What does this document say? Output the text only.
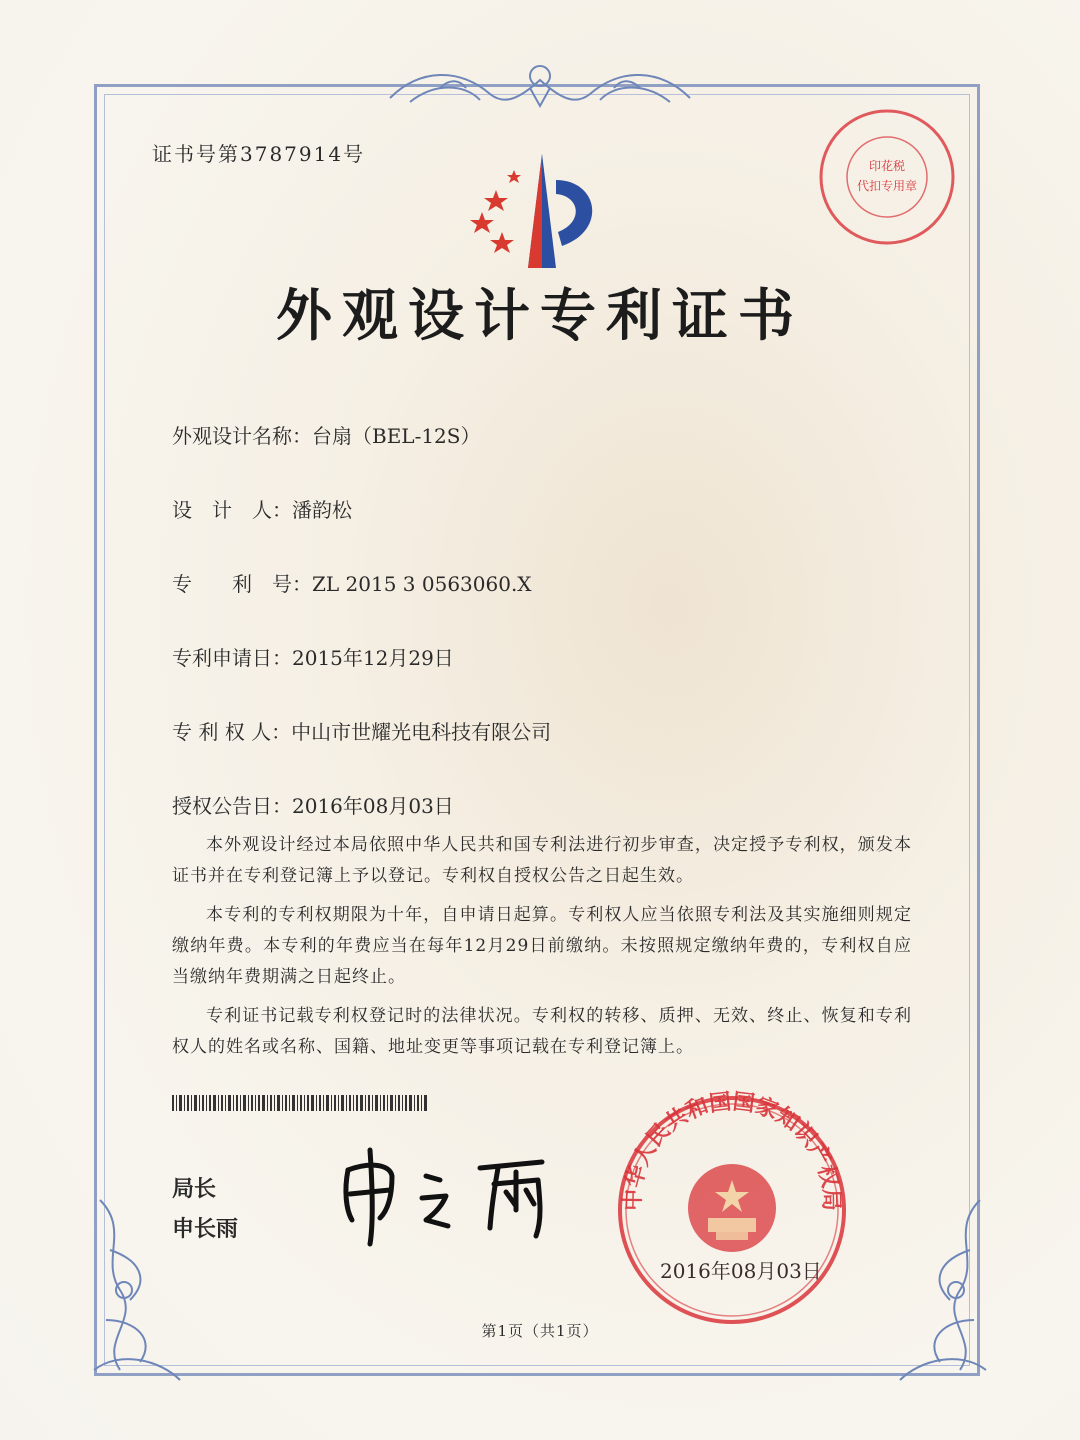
证书号第3787914号	印花税
代扣专用章
外观设计专利证书
外观设计名称：台扇（BEL-12S）
设　计　人：潘韵松
专　　利　号：ZL 2015 3 0563060.X
专利申请日：2015年12月29日
专 利 权 人：中山市世耀光电科技有限公司
授权公告日：2016年08月03日

本外观设计经过本局依照中华人民共和国专利法进行初步审查，决定授予专利权，颁发本证书并在专利登记簿上予以登记。专利权自授权公告之日起生效。

本专利的专利权期限为十年，自申请日起算。专利权人应当依照专利法及其实施细则规定缴纳年费。本专利的年费应当在每年12月29日前缴纳。未按照规定缴纳年费的，专利权自应当缴纳年费期满之日起终止。

专利证书记载专利权登记时的法律状况。专利权的转移、质押、无效、终止、恢复和专利权人的姓名或名称、国籍、地址变更等事项记载在专利登记簿上。

局长
申长雨
中华人民共和国国家知识产权局
2016年08月03日
第1页（共1页）
